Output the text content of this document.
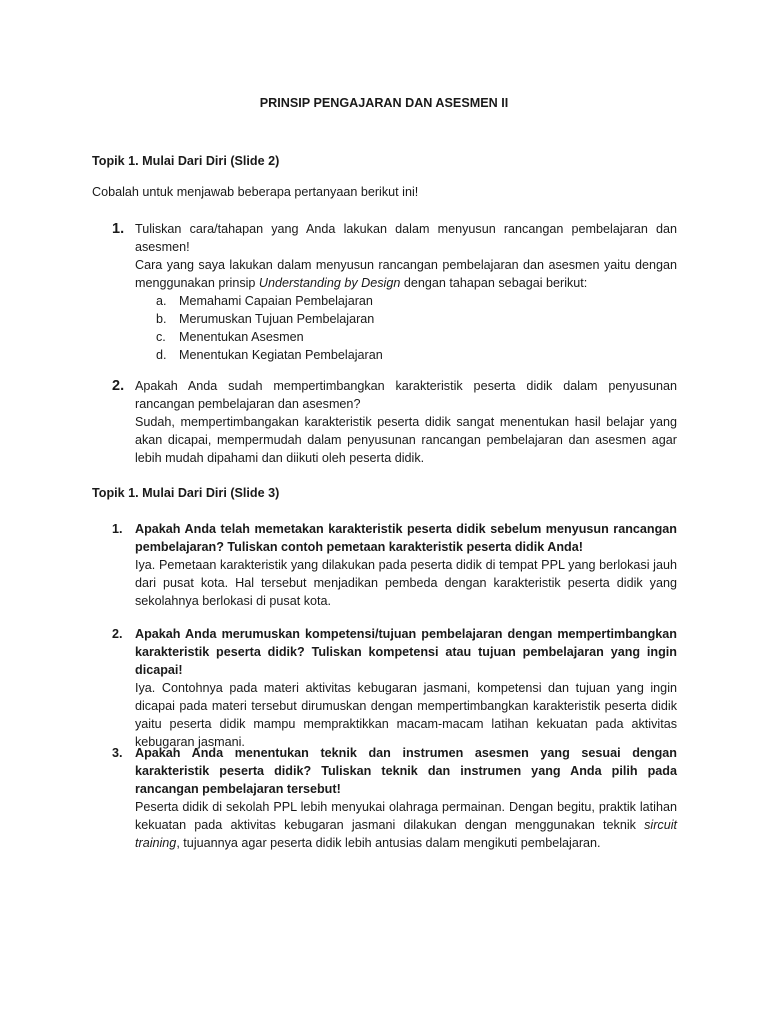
PRINSIP PENGAJARAN DAN ASESMEN II
Topik 1. Mulai Dari Diri (Slide 2)
Cobalah untuk menjawab beberapa pertanyaan berikut ini!
1. Tuliskan cara/tahapan yang Anda lakukan dalam menyusun rancangan pembelajaran dan asesmen!

Cara yang saya lakukan dalam menyusun rancangan pembelajaran dan asesmen yaitu dengan menggunakan prinsip Understanding by Design dengan tahapan sebagai berikut:

a. Memahami Capaian Pembelajaran
b. Merumuskan Tujuan Pembelajaran
c. Menentukan Asesmen
d. Menentukan Kegiatan Pembelajaran
2. Apakah Anda sudah mempertimbangkan karakteristik peserta didik dalam penyusunan rancangan pembelajaran dan asesmen?

Sudah, mempertimbangakan karakteristik peserta didik sangat menentukan hasil belajar yang akan dicapai, mempermudah dalam penyusunan rancangan pembelajaran dan asesmen agar lebih mudah dipahami dan diikuti oleh peserta didik.

Topik 1. Mulai Dari Diri (Slide 3)
1. Apakah Anda telah memetakan karakteristik peserta didik sebelum menyusun rancangan pembelajaran? Tuliskan contoh pemetaan karakteristik peserta didik Anda!

Iya. Pemetaan karakteristik yang dilakukan pada peserta didik di tempat PPL yang berlokasi jauh dari pusat kota. Hal tersebut menjadikan pembeda dengan karakteristik peserta didik yang sekolahnya berlokasi di pusat kota.

2. Apakah Anda merumuskan kompetensi/tujuan pembelajaran dengan mempertimbangkan karakteristik peserta didik? Tuliskan kompetensi atau tujuan pembelajaran yang ingin dicapai!

Iya. Contohnya pada materi aktivitas kebugaran jasmani, kompetensi dan tujuan yang ingin dicapai pada materi tersebut dirumuskan dengan mempertimbangkan karakteristik peserta didik yaitu peserta didik mampu mempraktikkan macam-macam latihan kekuatan pada aktivitas kebugaran jasmani.

3. Apakah Anda menentukan teknik dan instrumen asesmen yang sesuai dengan karakteristik peserta didik? Tuliskan teknik dan instrumen yang Anda pilih pada rancangan pembelajaran tersebut!

Peserta didik di sekolah PPL lebih menyukai olahraga permainan. Dengan begitu, praktik latihan kekuatan pada aktivitas kebugaran jasmani dilakukan dengan menggunakan teknik sircuit training, tujuannya agar peserta didik lebih antusias dalam mengikuti pembelajaran.
